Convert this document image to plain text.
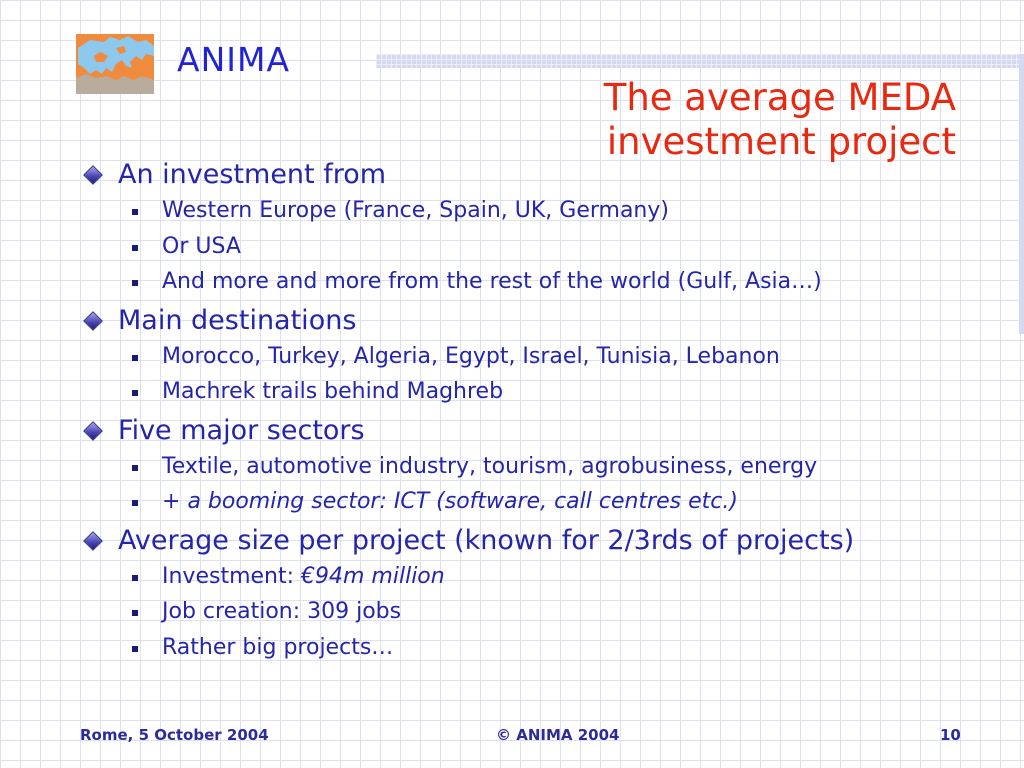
ANIMA
The average MEDA
investment project
An investment from
Western Europe (France, Spain, UK, Germany)
Or USA
And more and more from the rest of the world (Gulf, Asia…)
Main destinations
Morocco, Turkey, Algeria, Egypt, Israel, Tunisia, Lebanon
Machrek trails behind Maghreb
Five major sectors
Textile, automotive industry, tourism, agrobusiness, energy
+ a booming sector: ICT (software, call centres etc.)
Average size per project (known for 2/3rds of projects)
Investment: €94m million
Job creation: 309 jobs
Rather big projects…
Rome, 5 October 2004	© ANIMA 2004	10
